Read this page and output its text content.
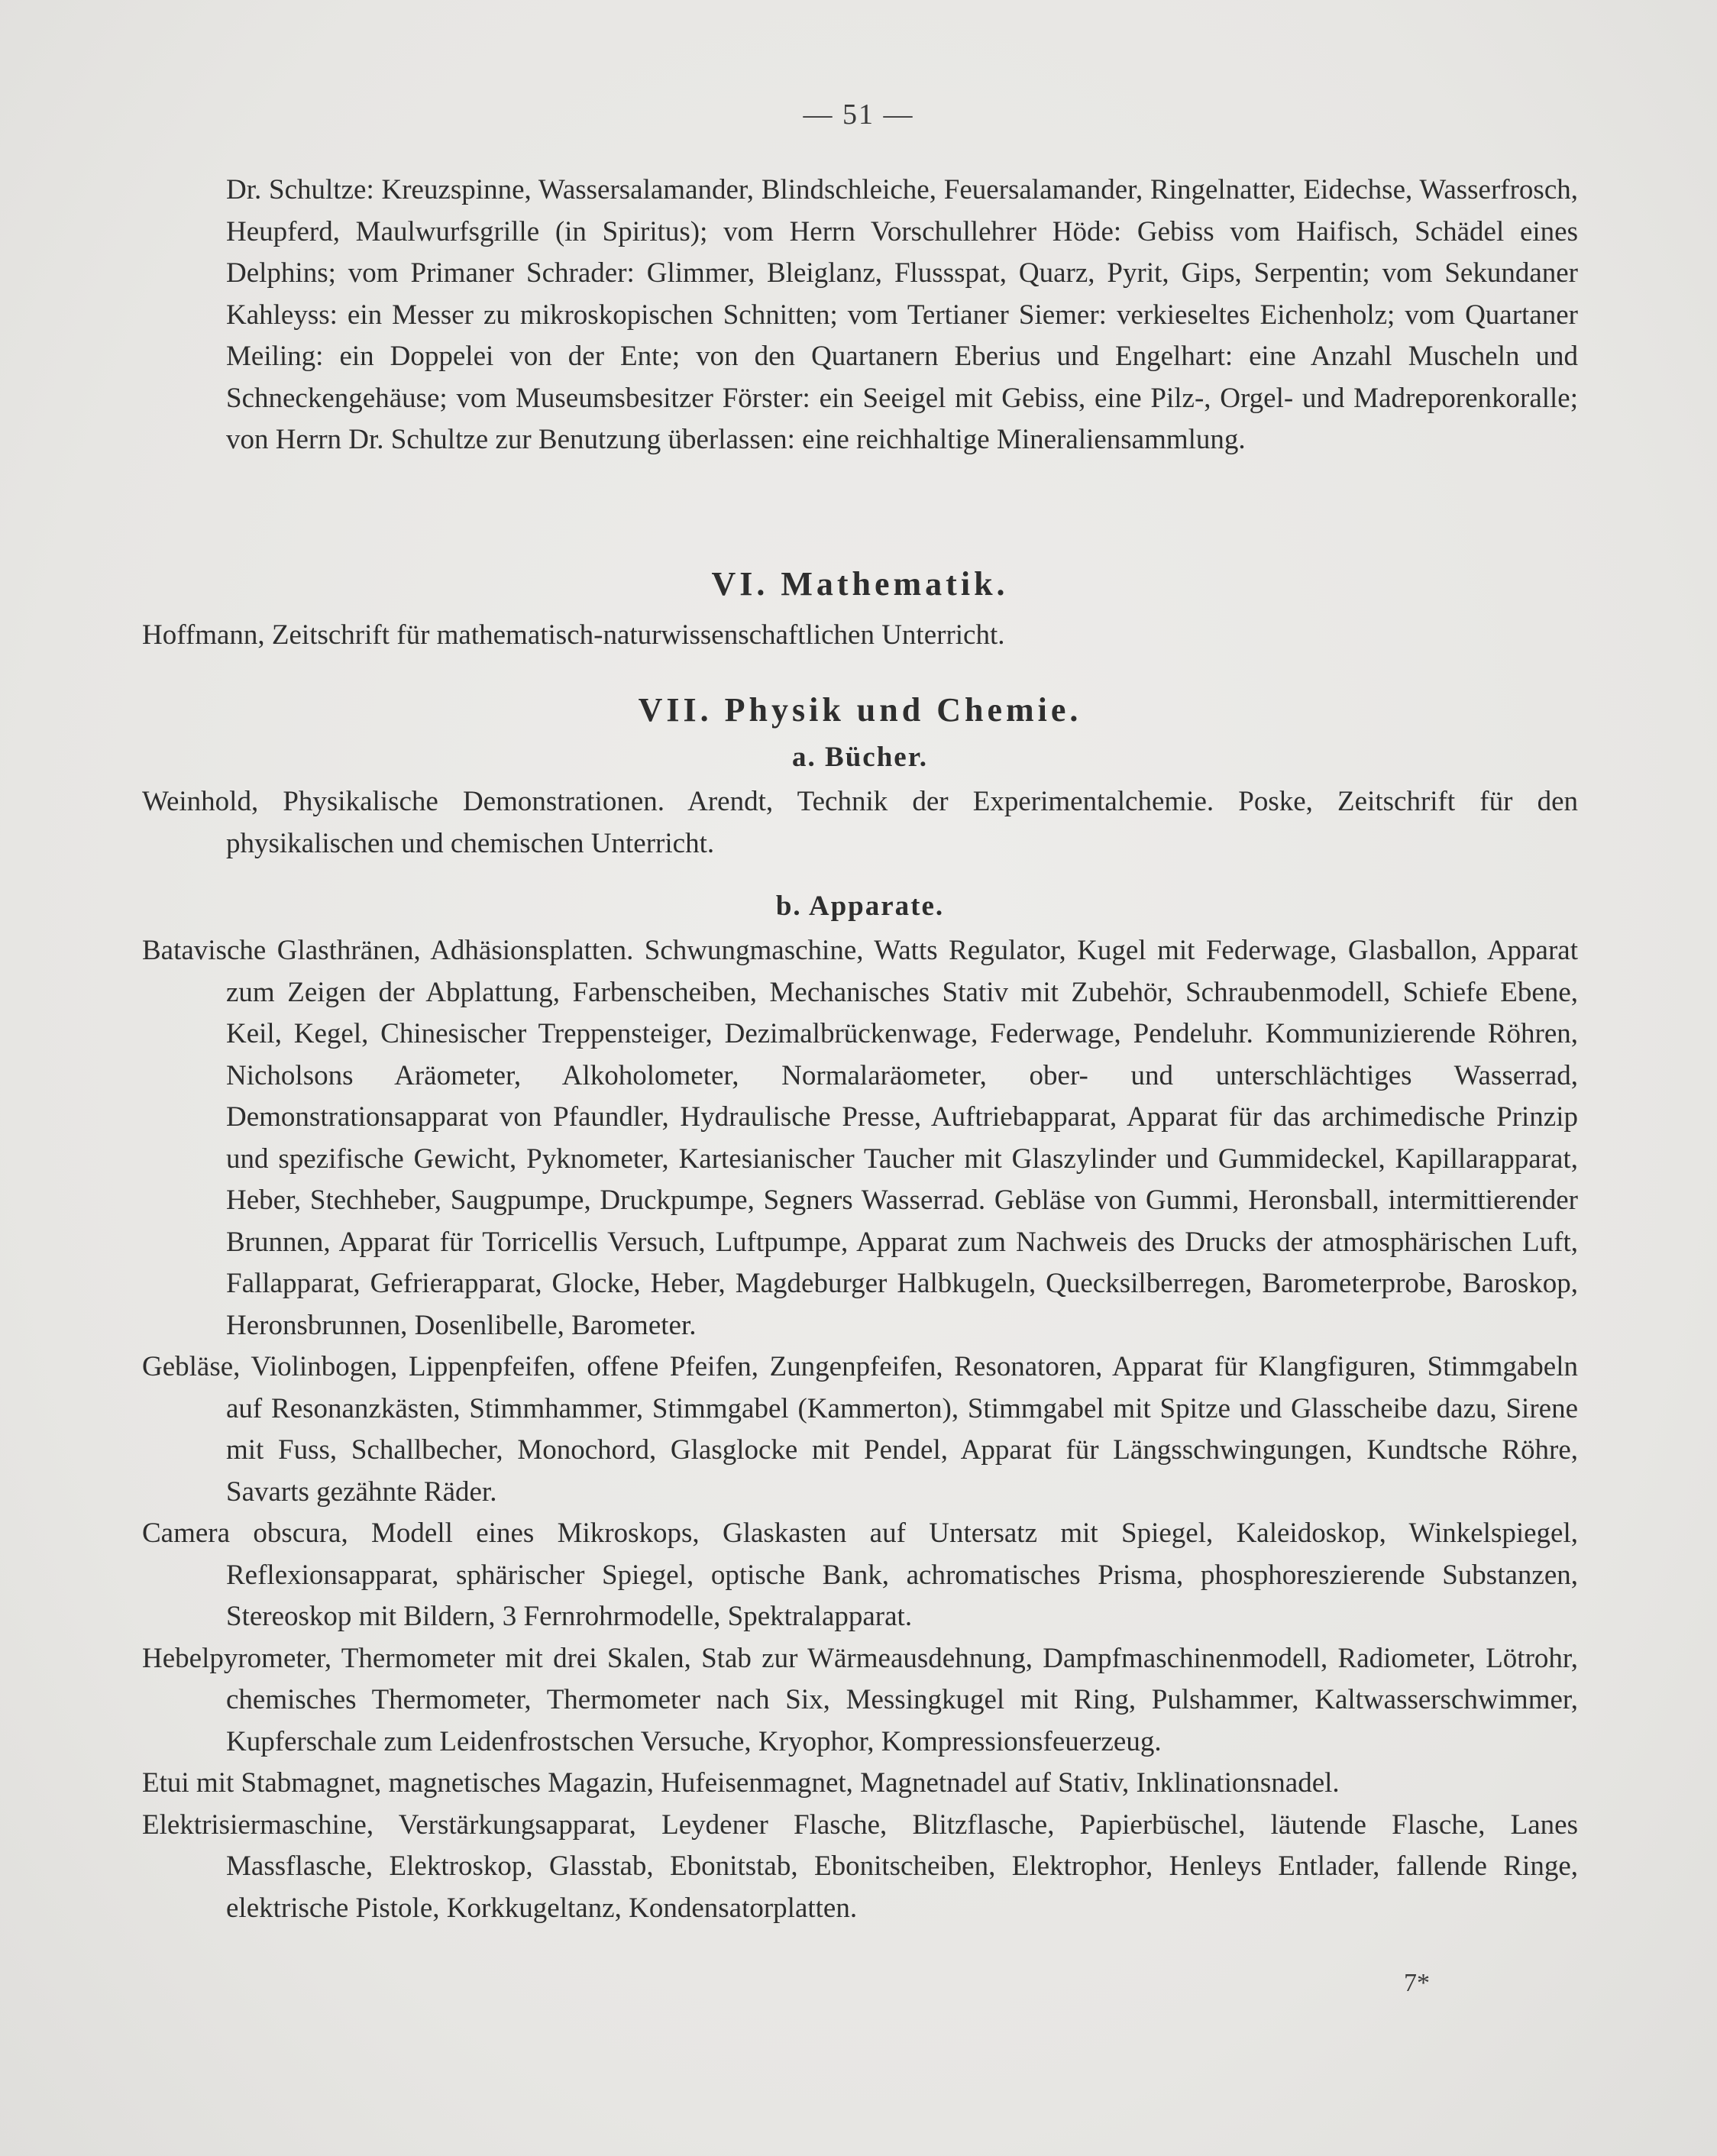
— 51 —

Dr. Schultze: Kreuzspinne, Wassersalamander, Blindschleiche, Feuersalamander, Ringelnatter, Eidechse, Wasserfrosch, Heupferd, Maulwurfsgrille (in Spiritus); vom Herrn Vorschullehrer Höde: Gebiss vom Haifisch, Schädel eines Delphins; vom Primaner Schrader: Glimmer, Bleiglanz, Flussspat, Quarz, Pyrit, Gips, Serpentin; vom Sekundaner Kahleyss: ein Messer zu mikroskopischen Schnitten; vom Tertianer Siemer: verkieseltes Eichenholz; vom Quartaner Meiling: ein Doppelei von der Ente; von den Quartanern Eberius und Engelhart: eine Anzahl Muscheln und Schneckengehäuse; vom Museumsbesitzer Förster: ein Seeigel mit Gebiss, eine Pilz-, Orgel- und Madreporenkoralle; von Herrn Dr. Schultze zur Benutzung überlassen: eine reichhaltige Mineraliensammlung.

VI. Mathematik.

Hoffmann, Zeitschrift für mathematisch-naturwissenschaftlichen Unterricht.

VII. Physik und Chemie.

a. Bücher.

Weinhold, Physikalische Demonstrationen. Arendt, Technik der Experimentalchemie. Poske, Zeitschrift für den physikalischen und chemischen Unterricht.

b. Apparate.

Batavische Glasthränen, Adhäsionsplatten. Schwungmaschine, Watts Regulator, Kugel mit Federwage, Glasballon, Apparat zum Zeigen der Abplattung, Farbenscheiben, Mechanisches Stativ mit Zubehör, Schraubenmodell, Schiefe Ebene, Keil, Kegel, Chinesischer Treppensteiger, Dezimalbrückenwage, Federwage, Pendeluhr. Kommunizierende Röhren, Nicholsons Aräometer, Alkoholometer, Normalaräometer, ober- und unterschlächtiges Wasserrad, Demonstrationsapparat von Pfaundler, Hydraulische Presse, Auftriebapparat, Apparat für das archimedische Prinzip und spezifische Gewicht, Pyknometer, Kartesianischer Taucher mit Glaszylinder und Gummideckel, Kapillarapparat, Heber, Stechheber, Saugpumpe, Druckpumpe, Segners Wasserrad. Gebläse von Gummi, Heronsball, intermittierender Brunnen, Apparat für Torricellis Versuch, Luftpumpe, Apparat zum Nachweis des Drucks der atmosphärischen Luft, Fallapparat, Gefrierapparat, Glocke, Heber, Magdeburger Halbkugeln, Quecksilberregen, Barometerprobe, Baroskop, Heronsbrunnen, Dosenlibelle, Barometer.

Gebläse, Violinbogen, Lippenpfeifen, offene Pfeifen, Zungenpfeifen, Resonatoren, Apparat für Klangfiguren, Stimmgabeln auf Resonanzkästen, Stimmhammer, Stimmgabel (Kammerton), Stimmgabel mit Spitze und Glasscheibe dazu, Sirene mit Fuss, Schallbecher, Monochord, Glasglocke mit Pendel, Apparat für Längsschwingungen, Kundtsche Röhre, Savarts gezähnte Räder.

Camera obscura, Modell eines Mikroskops, Glaskasten auf Untersatz mit Spiegel, Kaleidoskop, Winkelspiegel, Reflexionsapparat, sphärischer Spiegel, optische Bank, achromatisches Prisma, phosphoreszierende Substanzen, Stereoskop mit Bildern, 3 Fernrohrmodelle, Spektralapparat.

Hebelpyrometer, Thermometer mit drei Skalen, Stab zur Wärmeausdehnung, Dampfmaschinenmodell, Radiometer, Lötrohr, chemisches Thermometer, Thermometer nach Six, Messingkugel mit Ring, Pulshammer, Kaltwasserschwimmer, Kupferschale zum Leidenfrostschen Versuche, Kryophor, Kompressionsfeuerzeug.

Etui mit Stabmagnet, magnetisches Magazin, Hufeisenmagnet, Magnetnadel auf Stativ, Inklinationsnadel.

Elektrisiermaschine, Verstärkungsapparat, Leydener Flasche, Blitzflasche, Papierbüschel, läutende Flasche, Lanes Massflasche, Elektroskop, Glasstab, Ebonitstab, Ebonitscheiben, Elektrophor, Henleys Entlader, fallende Ringe, elektrische Pistole, Korkkugeltanz, Kondensatorplatten.

7*
